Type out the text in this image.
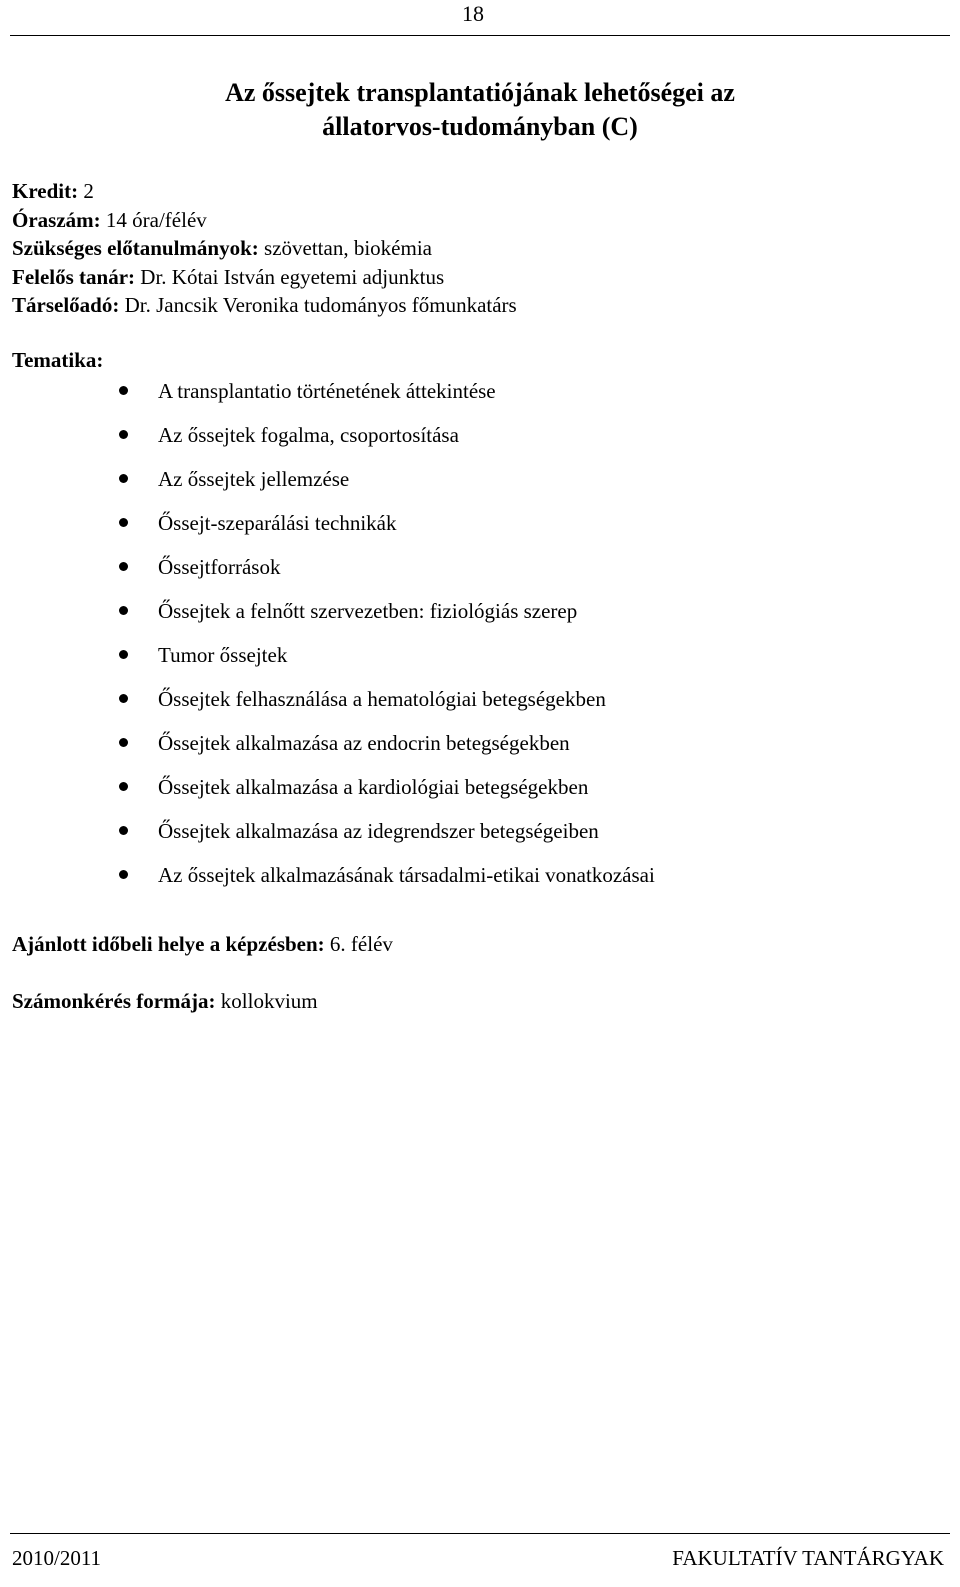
18
Az őssejtek transplantatiójának lehetőségei az
állatorvos-tudományban (C)
Kredit: 2
Óraszám: 14 óra/félév
Szükséges előtanulmányok: szövettan, biokémia
Felelős tanár: Dr. Kótai István egyetemi adjunktus
Társelőadó: Dr. Jancsik Veronika tudományos főmunkatárs
Tematika:
A transplantatio történetének áttekintése
Az őssejtek fogalma, csoportosítása
Az őssejtek jellemzése
Őssejt-szeparálási technikák
Őssejtforrások
Őssejtek a felnőtt szervezetben: fiziológiás szerep
Tumor őssejtek
Őssejtek felhasználása a hematológiai betegségekben
Őssejtek alkalmazása az endocrin betegségekben
Őssejtek alkalmazása a kardiológiai betegségekben
Őssejtek alkalmazása az idegrendszer betegségeiben
Az őssejtek alkalmazásának társadalmi-etikai vonatkozásai
Ajánlott időbeli helye a képzésben: 6. félév
Számonkérés formája: kollokvium
2010/2011	FAKULTATÍV TANTÁRGYAK
